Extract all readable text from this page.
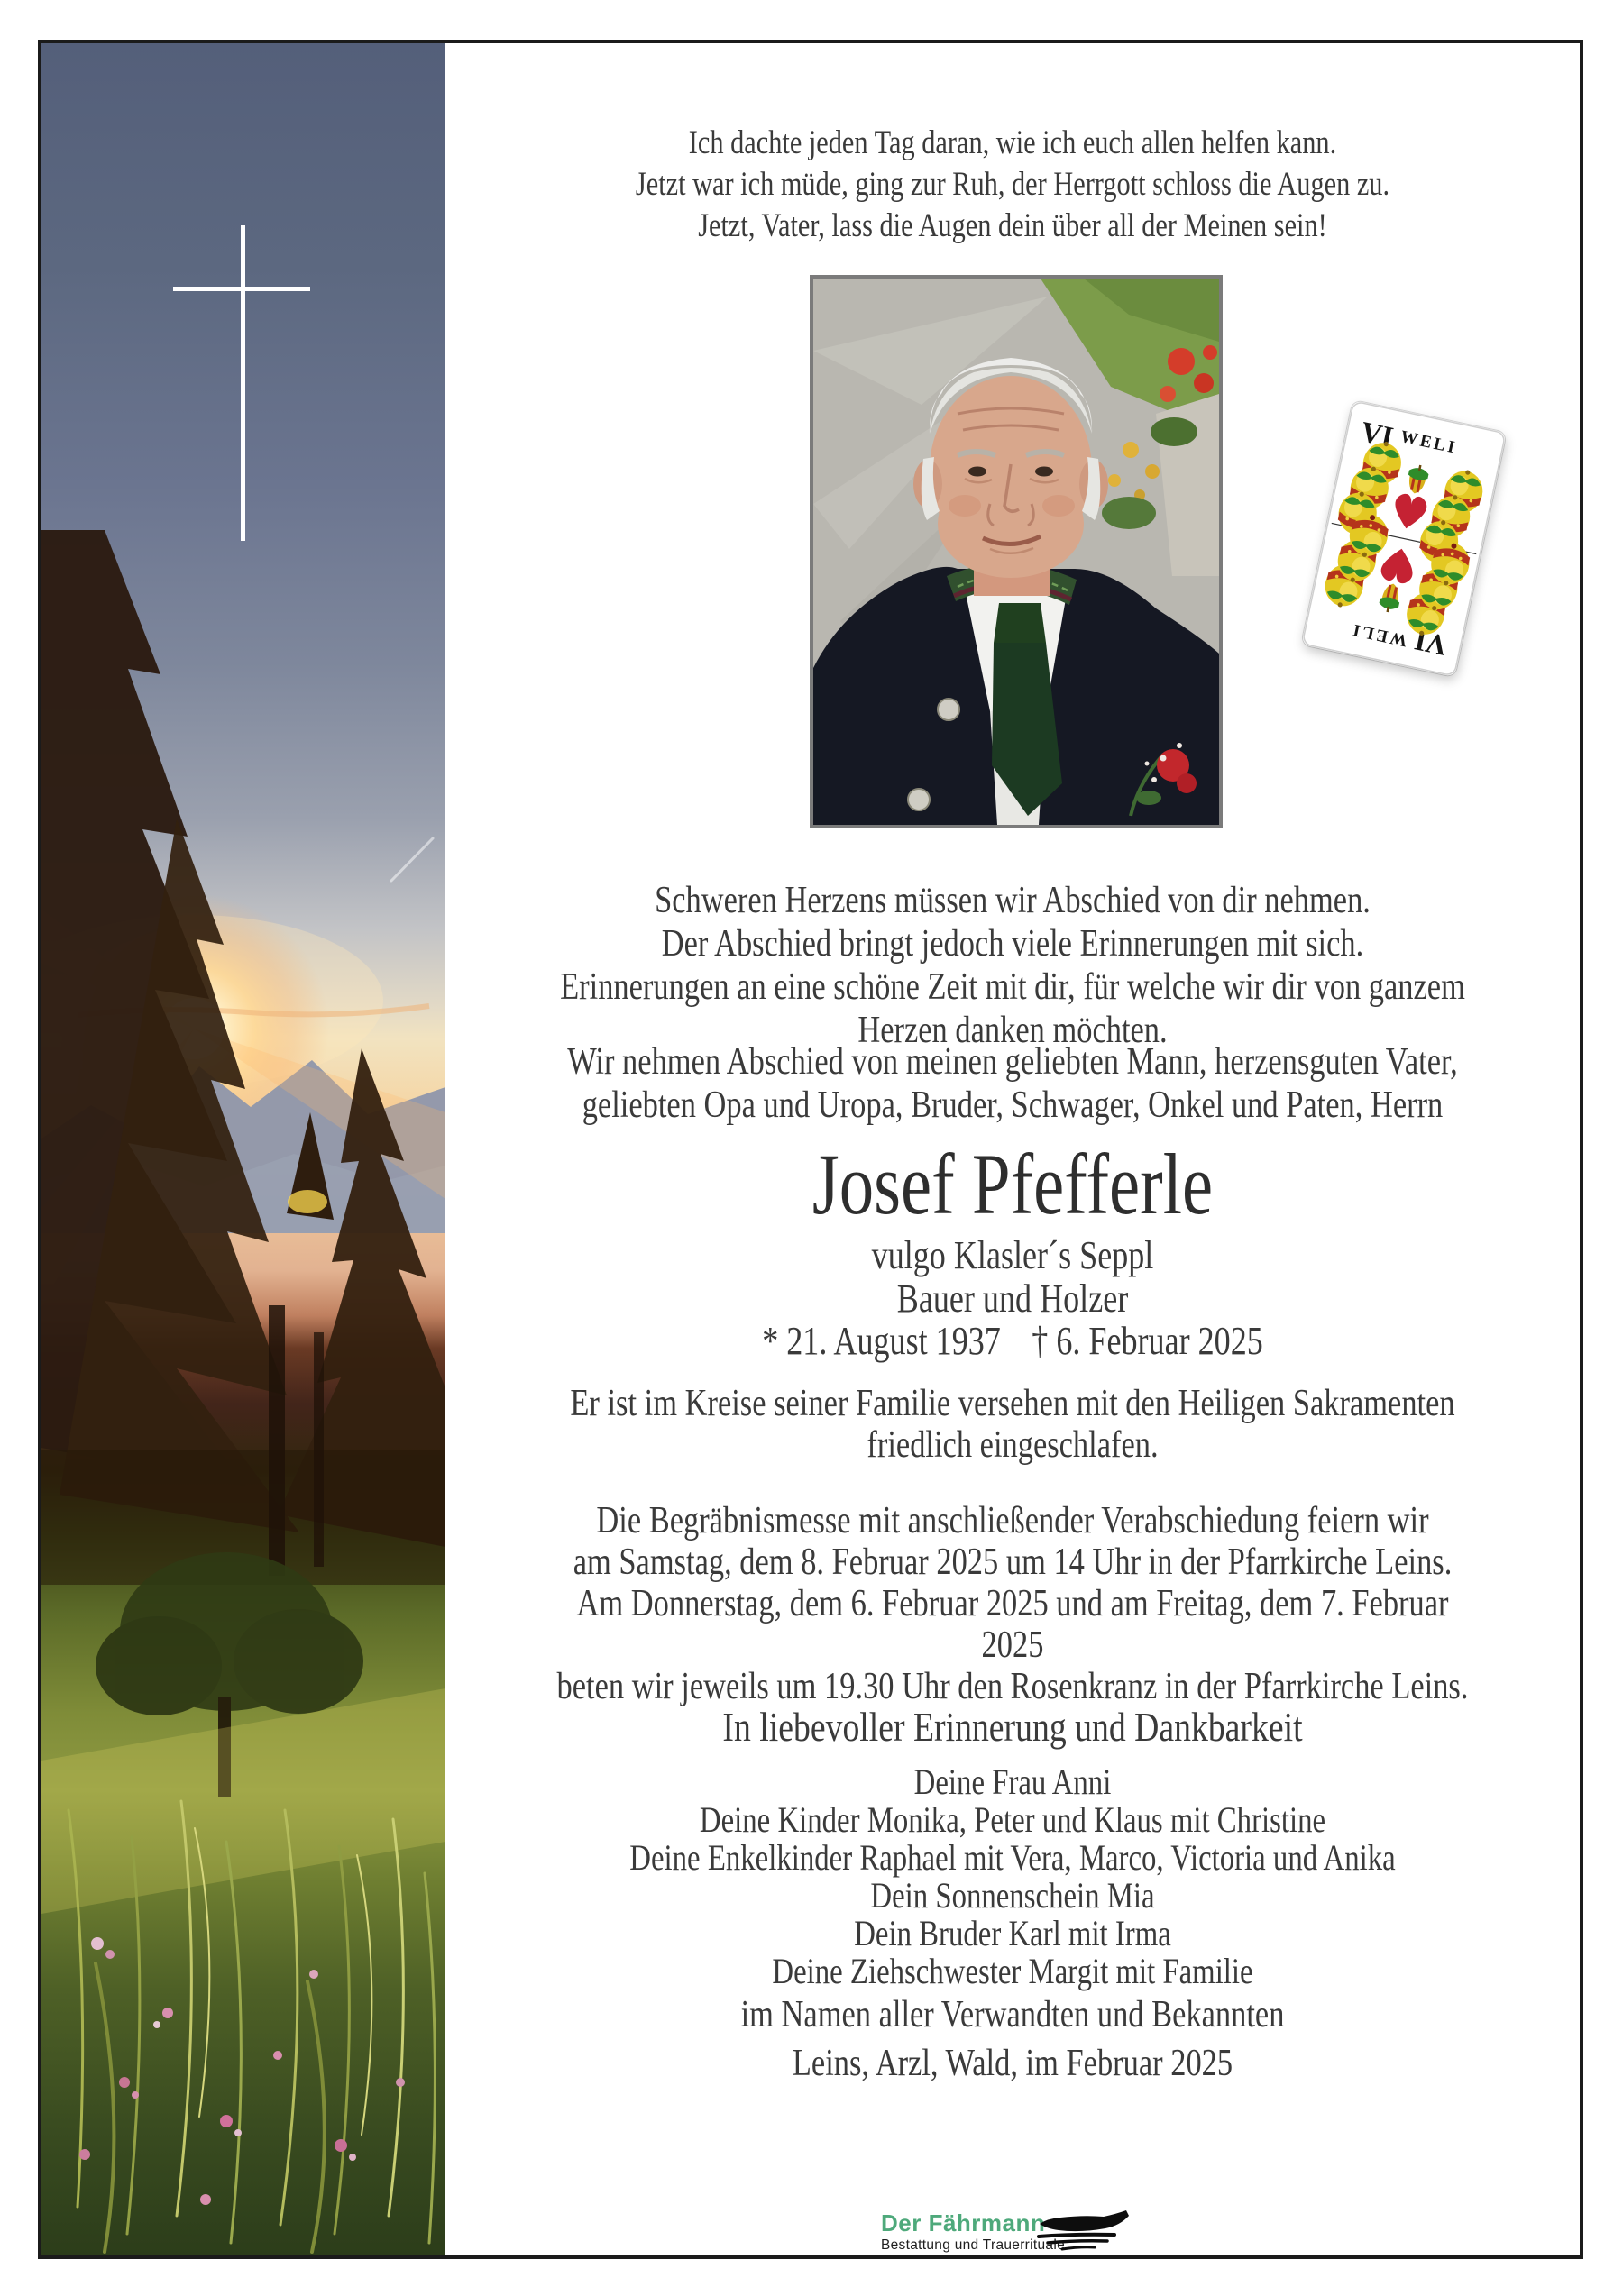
Ich dachte jeden Tag daran, wie ich euch allen helfen kann.
Jetzt war ich müde, ging zur Ruh, der Herrgott schloss die Augen zu.
Jetzt, Vater, lass die Augen dein über all der Meinen sein!
Schweren Herzens müssen wir Abschied von dir nehmen.
Der Abschied bringt jedoch viele Erinnerungen mit sich.
Erinnerungen an eine schöne Zeit mit dir, für welche wir dir von ganzem
Herzen danken möchten.
Wir nehmen Abschied von meinen geliebten Mann, herzensguten Vater,
geliebten Opa und Uropa, Bruder, Schwager, Onkel und Paten, Herrn
Josef Pfefferle
vulgo Klasler´s Seppl
Bauer und Holzer
* 21. August 1937 † 6. Februar 2025
Er ist im Kreise seiner Familie versehen mit den Heiligen Sakramenten
friedlich eingeschlafen.
Die Begräbnismesse mit anschließender Verabschiedung feiern wir
am Samstag, dem 8. Februar 2025 um 14 Uhr in der Pfarrkirche Leins.
Am Donnerstag, dem 6. Februar 2025 und am Freitag, dem 7. Februar 2025
beten wir jeweils um 19.30 Uhr den Rosenkranz in der Pfarrkirche Leins.
In liebevoller Erinnerung und Dankbarkeit
Deine Frau Anni
Deine Kinder Monika, Peter und Klaus mit Christine
Deine Enkelkinder Raphael mit Vera, Marco, Victoria und Anika
Dein Sonnenschein Mia
Dein Bruder Karl mit Irma
Deine Ziehschwester Margit mit Familie
im Namen aller Verwandten und Bekannten
Leins, Arzl, Wald, im Februar 2025
Der Fährmann
Bestattung und Trauerrituale
